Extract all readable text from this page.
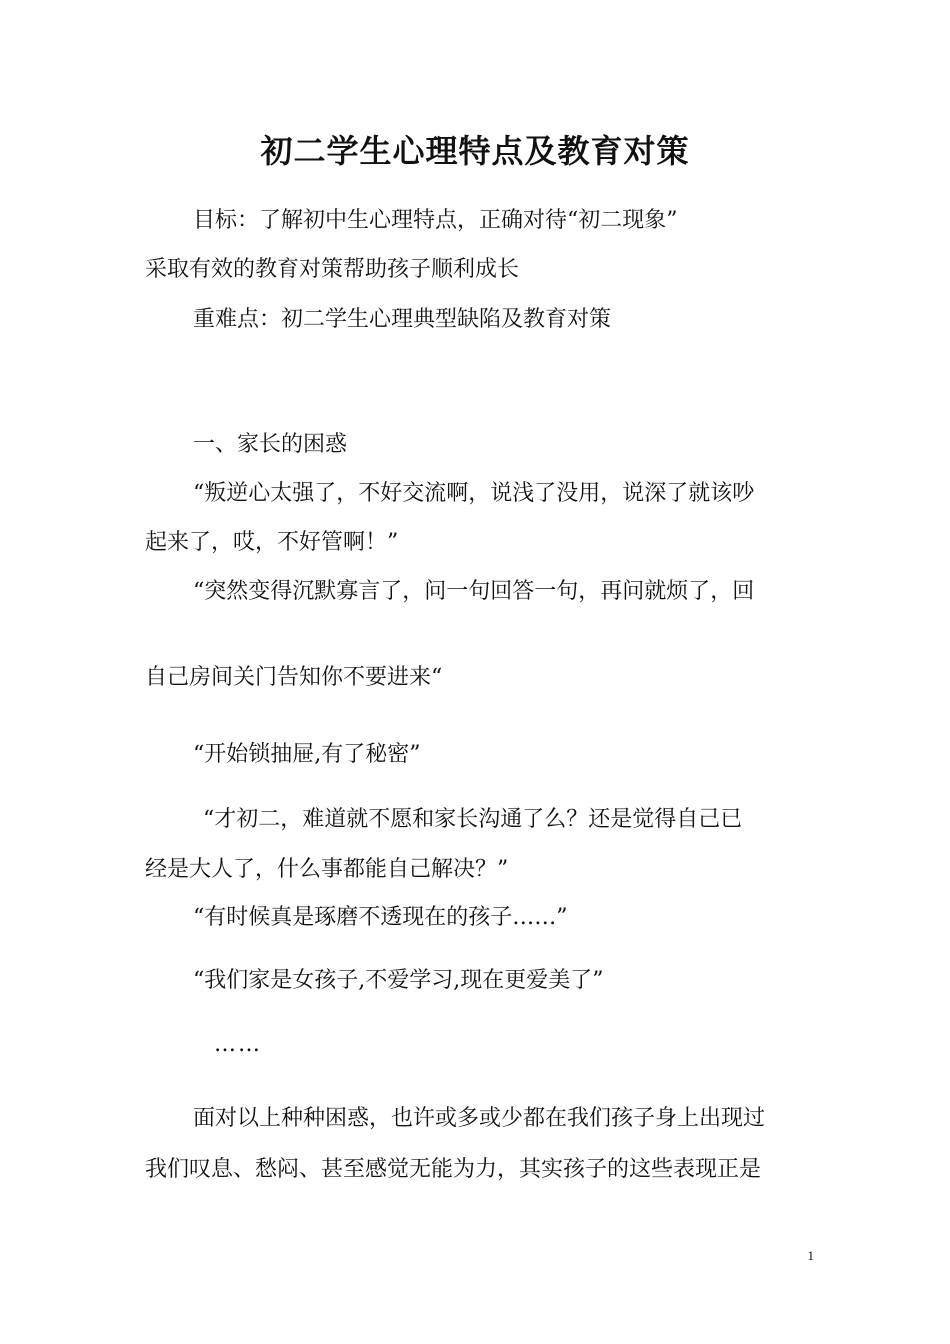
初二学生心理特点及教育对策
目标：了解初中生心理特点，正确对待“初二现象”
采取有效的教育对策帮助孩子顺利成长
重难点：初二学生心理典型缺陷及教育对策
一、家长的困惑
“叛逆心太强了，不好交流啊，说浅了没用，说深了就该吵
起来了，哎，不好管啊！”
“突然变得沉默寡言了，问一句回答一句，再问就烦了，回
自己房间关门告知你不要进来“
“开始锁抽屉,有了秘密”
“才初二，难道就不愿和家长沟通了么？还是觉得自己已
经是大人了，什么事都能自己解决？”
“有时候真是琢磨不透现在的孩子……”
“我们家是女孩子,不爱学习,现在更爱美了”
……
面对以上种种困惑，也许或多或少都在我们孩子身上出现过
我们叹息、愁闷、甚至感觉无能为力，其实孩子的这些表现正是
1
